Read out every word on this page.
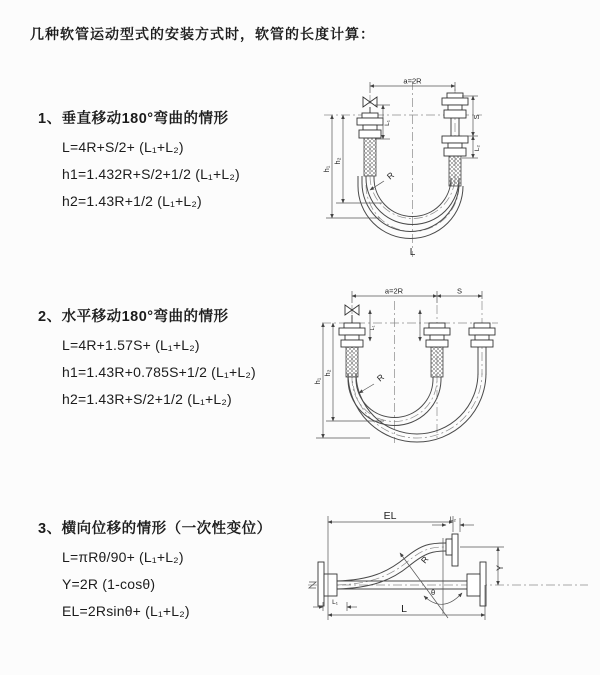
几种软管运动型式的安装方式时，软管的长度计算：
1、垂直移动180°弯曲的情形
L=4R+S/2+ (L₁+L₂)
h1=1.432R+S/2+1/2 (L₁+L₂)
h2=1.43R+1/2 (L₁+L₂)
2、水平移动180°弯曲的情形
L=4R+1.57S+ (L₁+L₂)
h1=1.43R+0.785S+1/2 (L₁+L₂)
h2=1.43R+S/2+1/2 (L₁+L₂)
3、横向位移的情形（一次性变位）
L=πRθ/90+ (L₁+L₂)
Y=2R (1-cosθ)
EL=2Rsinθ+ (L₁+L₂)
a=2R
h₁
h₂
L₁
S
L₂
R
L
a=2R	S
h₁
h₂
L₁
R
EL	L₂
Y
L
L₁
R
θ
